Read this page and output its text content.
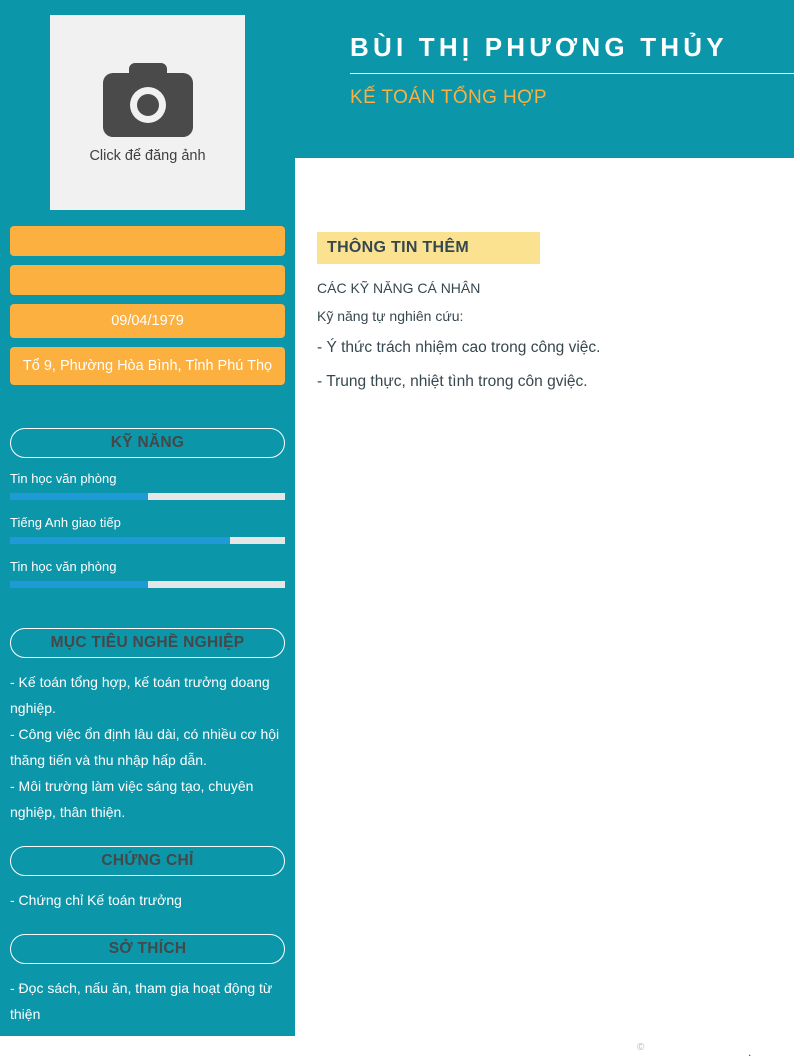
BÙI THỊ PHƯƠNG THỦY
KẾ TOÁN TỔNG HỢP
Click để đăng ảnh
09/04/1979
Tổ 9, Phường Hòa Bình, Tỉnh Phú Thọ
KỸ NĂNG
Tin học văn phòng
Tiếng Anh giao tiếp
Tin học văn phòng
MỤC TIÊU NGHỀ NGHIỆP

- Kế toán tổng hợp, kế toán trưởng doang nghiệp.

- Công việc ổn định lâu dài, có nhiều cơ hội thăng tiến và thu nhập hấp dẫn.

- Môi trường làm việc sáng tạo, chuyên nghiệp, thân thiện.

CHỨNG CHỈ

- Chứng chỉ Kế toán trưởng

SỞ THÍCH

- Đọc sách, nấu ăn, tham gia hoạt động từ thiện

THÔNG TIN THÊM

CÁC KỸ NĂNG CÁ NHÂN

Kỹ năng tự nghiên cứu:

- Ý thức trách nhiệm cao trong công việc.

- Trung thực, nhiệt tình trong côn gviệc.

©	.
